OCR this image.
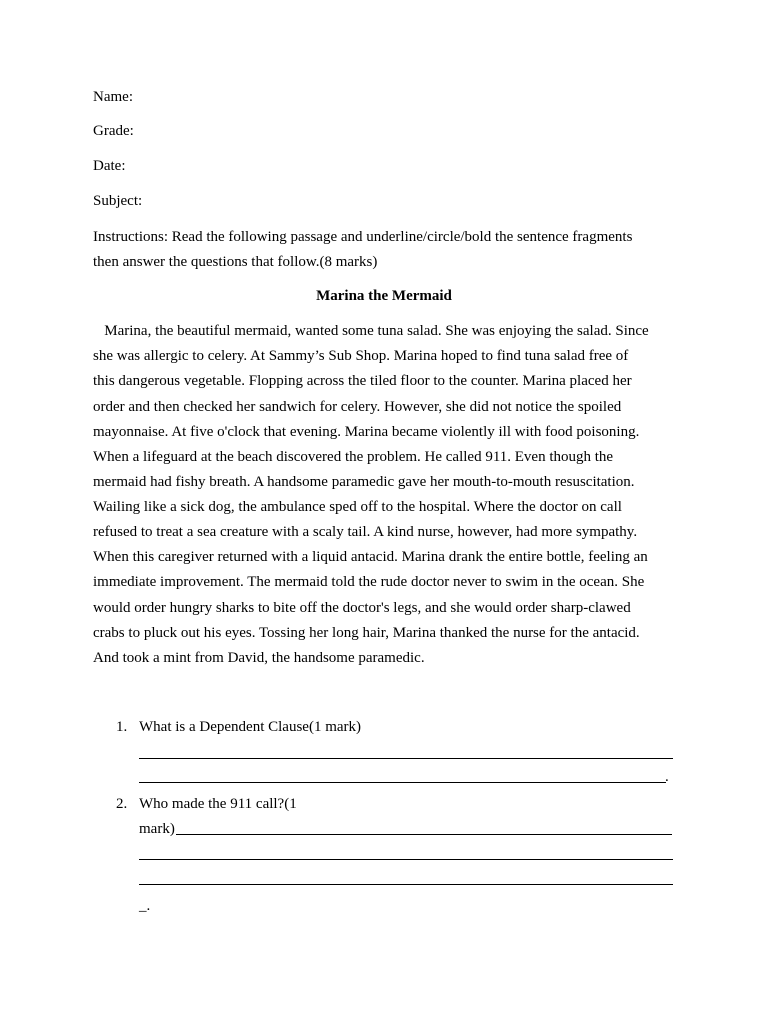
Name:
Grade:
Date:
Subject:
Instructions: Read the following passage and underline/circle/bold the sentence fragments
then answer the questions that follow.(8 marks)
Marina the Mermaid
Marina, the beautiful mermaid, wanted some tuna salad. She was enjoying the salad. Since
she was allergic to celery. At Sammy’s Sub Shop. Marina hoped to find tuna salad free of
this dangerous vegetable. Flopping across the tiled floor to the counter. Marina placed her
order and then checked her sandwich for celery. However, she did not notice the spoiled
mayonnaise. At five o'clock that evening. Marina became violently ill with food poisoning.
When a lifeguard at the beach discovered the problem. He called 911. Even though the
mermaid had fishy breath. A handsome paramedic gave her mouth-to-mouth resuscitation.
Wailing like a sick dog, the ambulance sped off to the hospital. Where the doctor on call
refused to treat a sea creature with a scaly tail. A kind nurse, however, had more sympathy.
When this caregiver returned with a liquid antacid. Marina drank the entire bottle, feeling an
immediate improvement. The mermaid told the rude doctor never to swim in the ocean. She
would order hungry sharks to bite off the doctor's legs, and she would order sharp-clawed
crabs to pluck out his eyes. Tossing her long hair, Marina thanked the nurse for the antacid.
And took a mint from David, the handsome paramedic.
1. What is a Dependent Clause(1 mark)
.
2. Who made the 911 call?(1
mark)
_.
